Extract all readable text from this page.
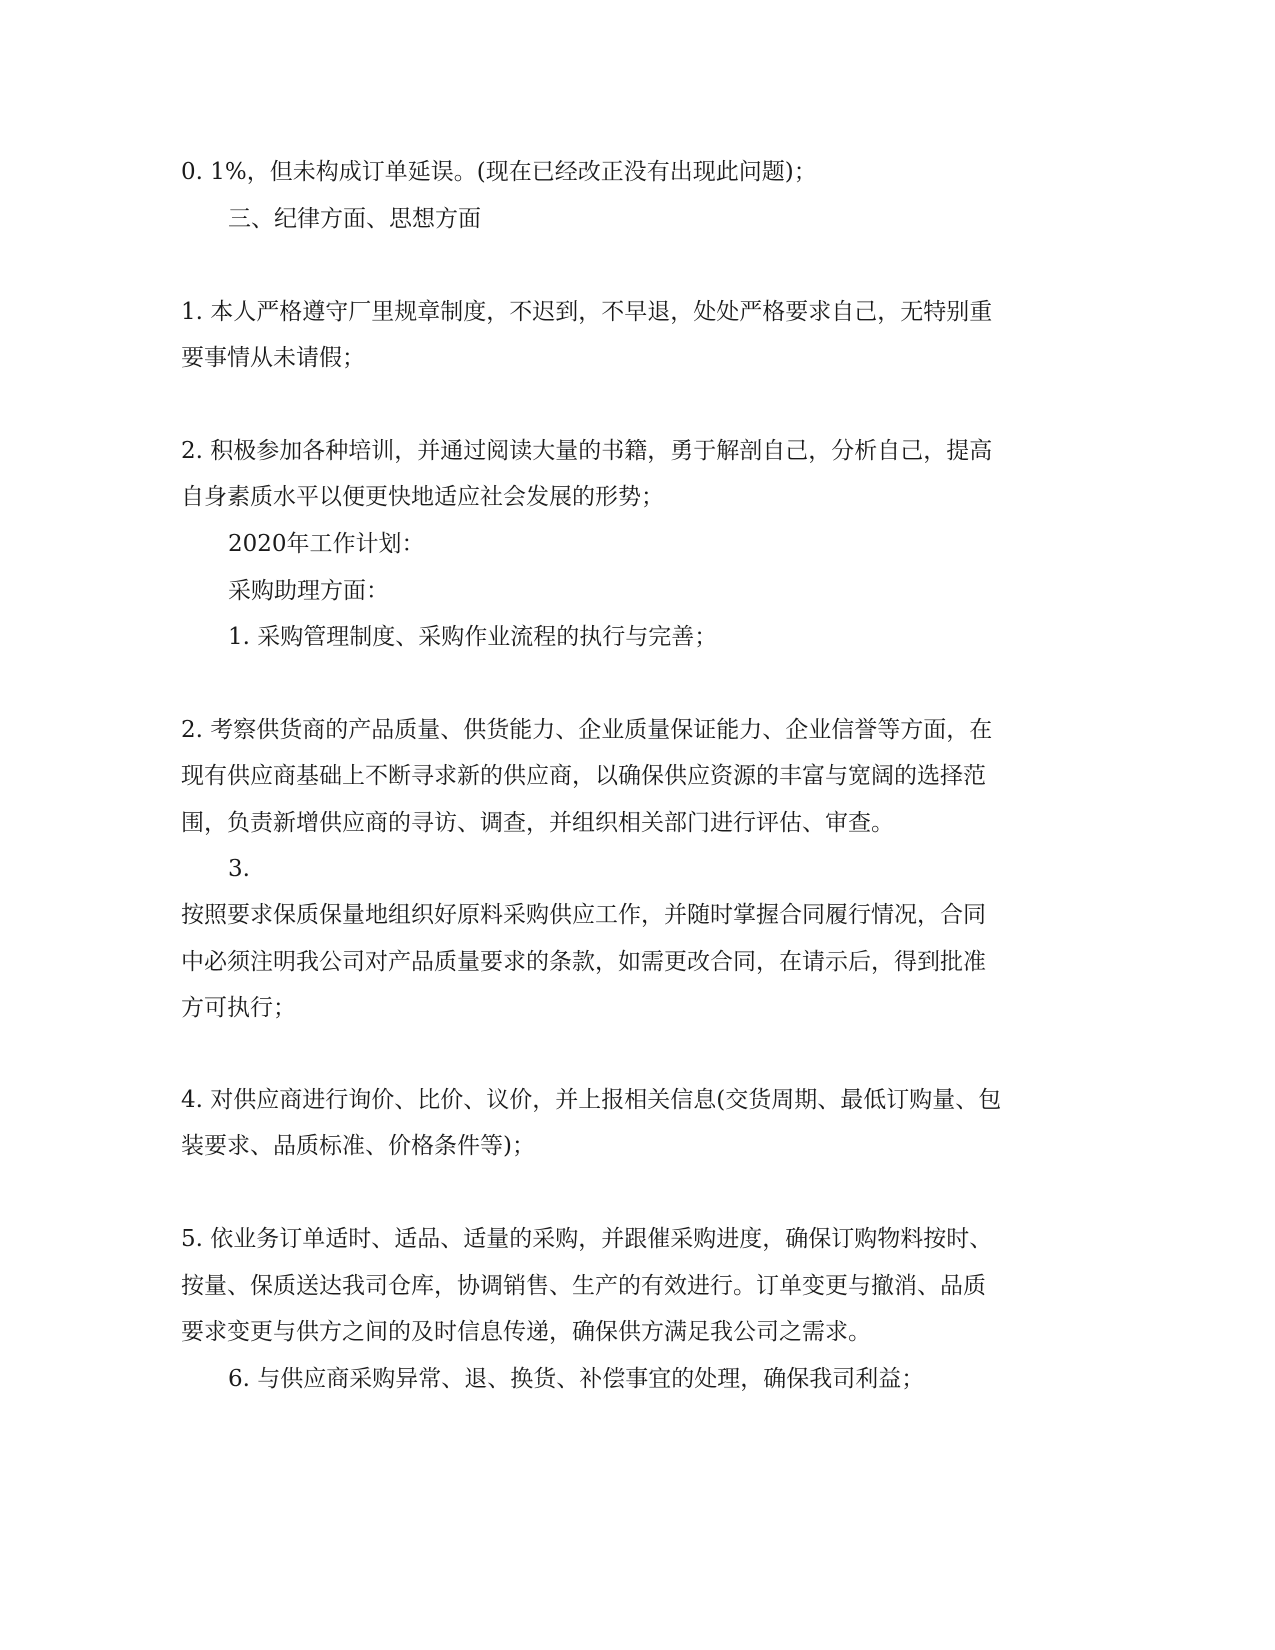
0. 1%，但未构成订单延误。(现在已经改正没有出现此问题)；
三、纪律方面、思想方面
1. 本人严格遵守厂里规章制度，不迟到，不早退，处处严格要求自己，无特别重
要事情从未请假；
2. 积极参加各种培训，并通过阅读大量的书籍，勇于解剖自己，分析自己，提高
自身素质水平以便更快地适应社会发展的形势；
2020年工作计划：
采购助理方面：
1. 采购管理制度、采购作业流程的执行与完善；
2. 考察供货商的产品质量、供货能力、企业质量保证能力、企业信誉等方面，在
现有供应商基础上不断寻求新的供应商，以确保供应资源的丰富与宽阔的选择范
围，负责新增供应商的寻访、调查，并组织相关部门进行评估、审查。
3.
按照要求保质保量地组织好原料采购供应工作，并随时掌握合同履行情况，合同
中必须注明我公司对产品质量要求的条款，如需更改合同，在请示后，得到批准
方可执行；
4. 对供应商进行询价、比价、议价，并上报相关信息(交货周期、最低订购量、包
装要求、品质标准、价格条件等)；
5. 依业务订单适时、适品、适量的采购，并跟催采购进度，确保订购物料按时、
按量、保质送达我司仓库，协调销售、生产的有效进行。订单变更与撤消、品质
要求变更与供方之间的及时信息传递，确保供方满足我公司之需求。
6. 与供应商采购异常、退、换货、补偿事宜的处理，确保我司利益；
